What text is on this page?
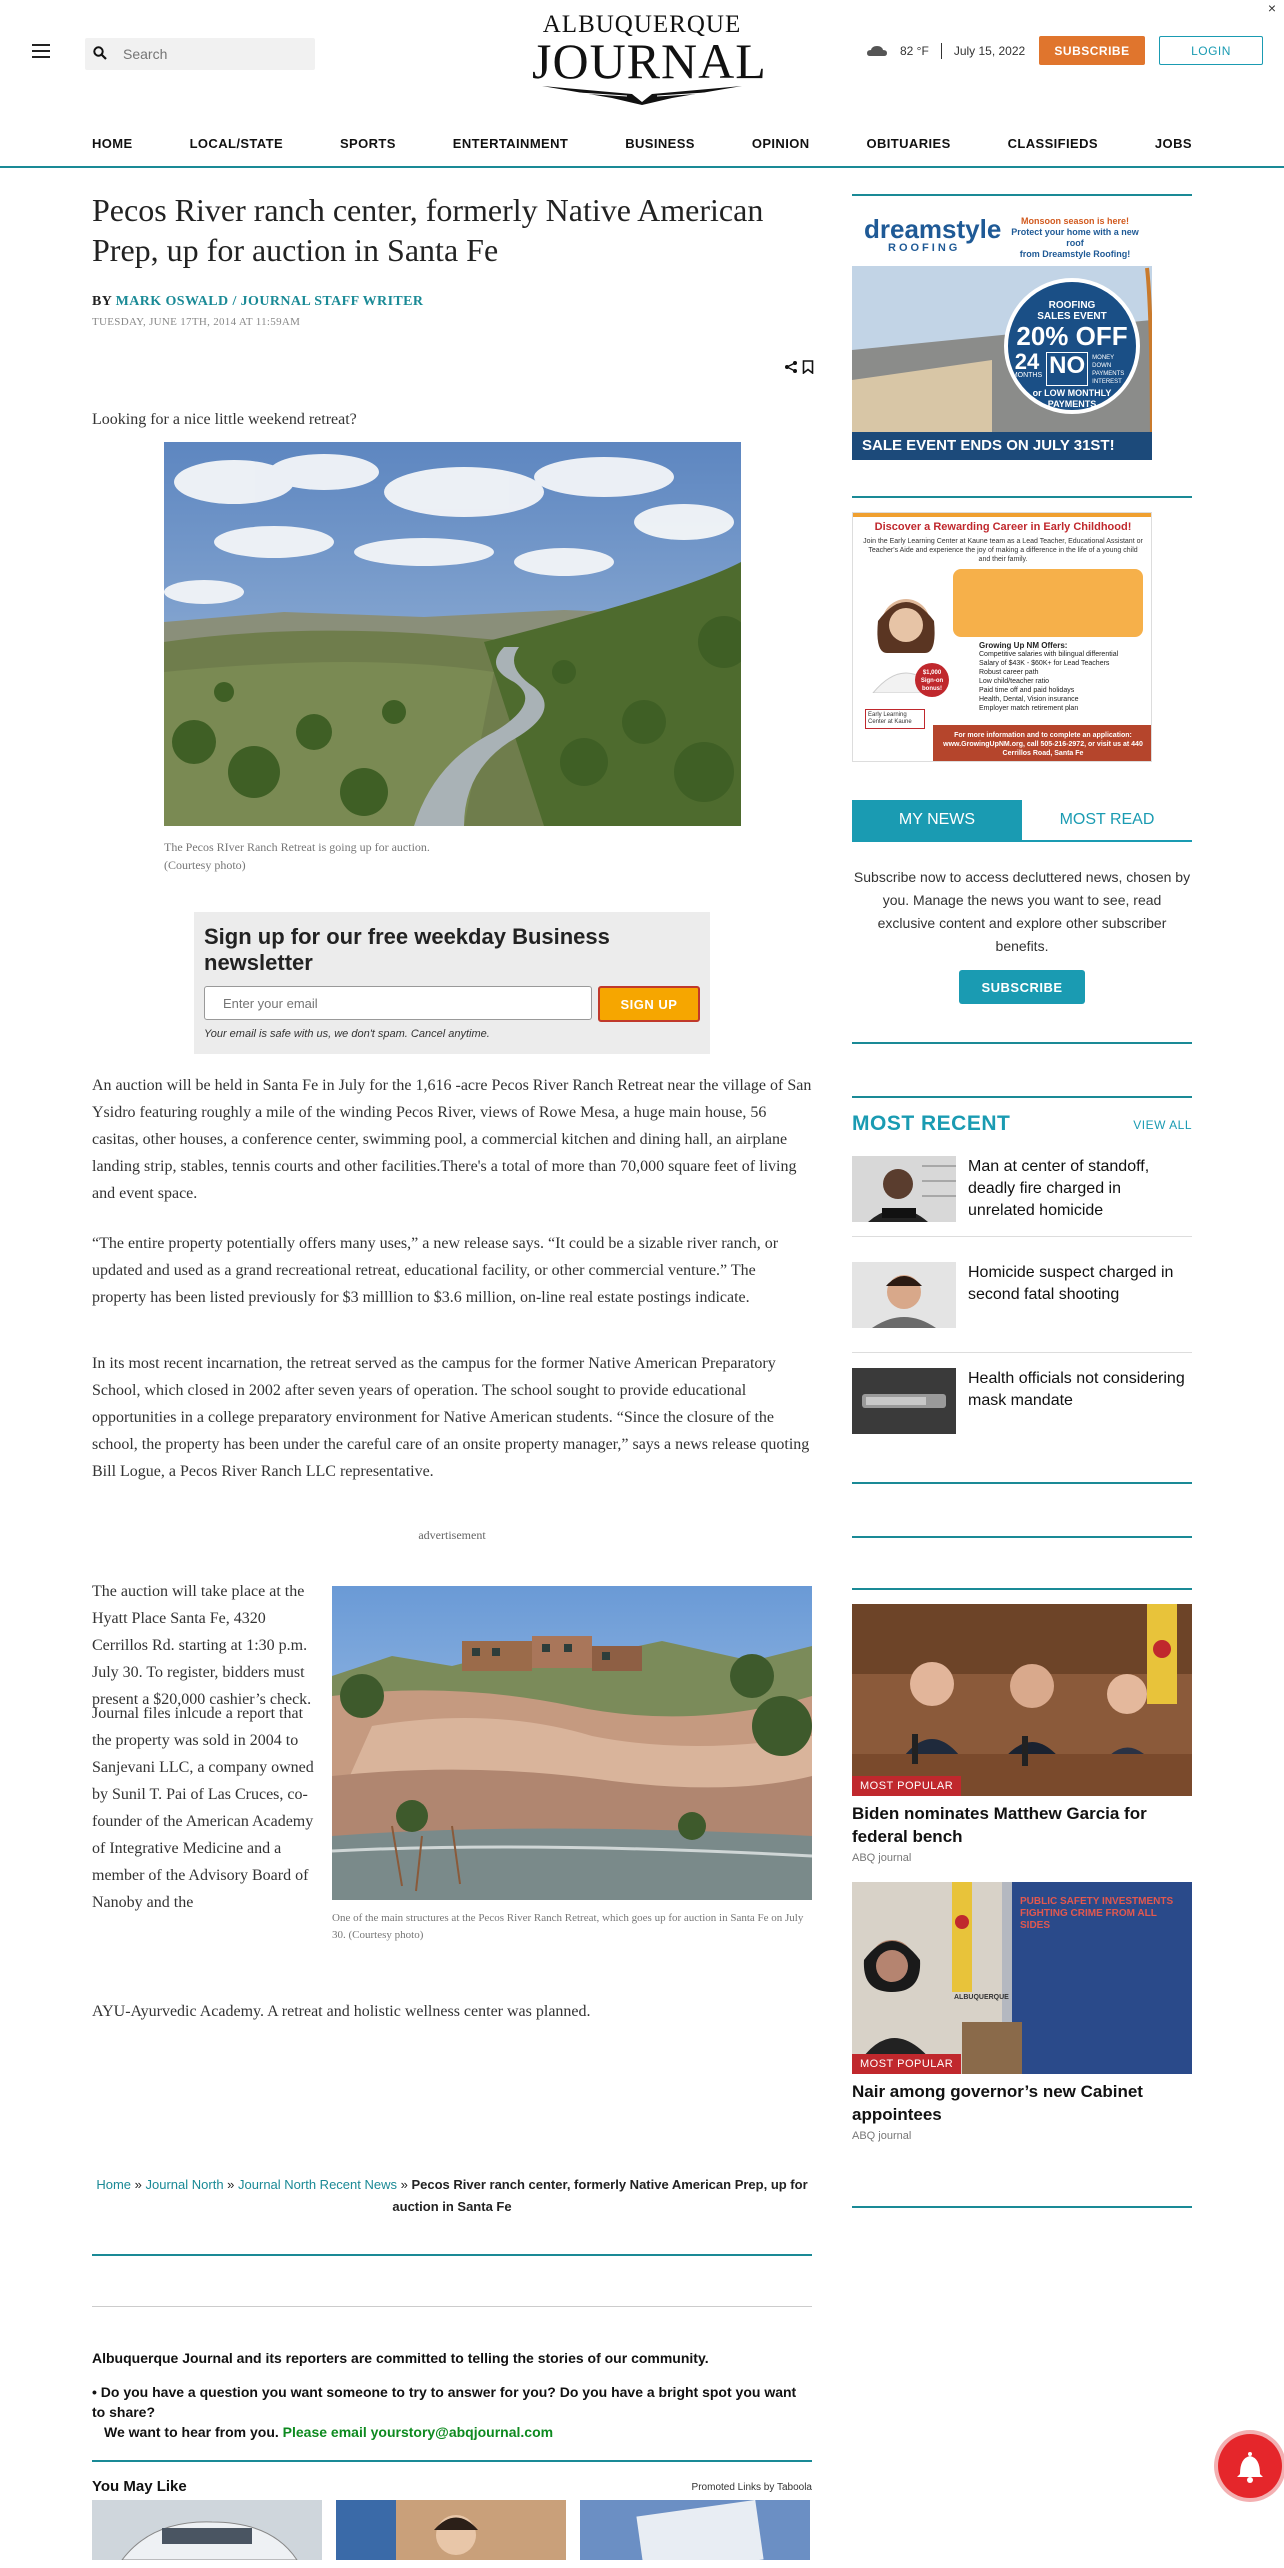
Search
ALBUQUERQUE
JOURNAL	82 °F July 15, 2022	SUBSCRIBE	LOGIN
×
HOME	LOCAL/STATE	SPORTS	ENTERTAINMENT	BUSINESS	OPINION	OBITUARIES	CLASSIFIEDS	JOBS
Pecos River ranch center, formerly Native American Prep, up for auction in Santa Fe
BY MARK OSWALD / JOURNAL STAFF WRITER
TUESDAY, JUNE 17TH, 2014 AT 11:59AM

Looking for a nice little weekend retreat?

The Pecos RIver Ranch Retreat is going up for auction.
(Courtesy photo)
Sign up for our free weekday Business newsletter
Enter your email
SIGN UP
Your email is safe with us, we don't spam. Cancel anytime.

An auction will be held in Santa Fe in July for the 1,616 -acre Pecos River Ranch Retreat near the village of San Ysidro featuring roughly a mile of the winding Pecos River, views of Rowe Mesa, a huge main house, 56 casitas, other houses, a conference center, swimming pool, a commercial kitchen and dining hall, an airplane landing strip, stables, tennis courts and other facilities.There's a total of more than 70,000 square feet of living and event space.

“The entire property potentially offers many uses,” a new release says. “It could be a sizable river ranch, or updated and used as a grand recreational retreat, educational facility, or other commercial venture.” The property has been listed previously for $3 milllion to $3.6 million, on-line real estate postings indicate.

In its most recent incarnation, the retreat served as the campus for the former Native American Preparatory School, which closed in 2002 after seven years of operation. The school sought to provide educational opportunities in a college preparatory environment for Native American students. “Since the closure of the school, the property has been under the careful care of an onsite property manager,” says a news release quoting Bill Logue, a Pecos River Ranch LLC representative.

advertisement

The auction will take place at the Hyatt Place Santa Fe, 4320 Cerrillos Rd. starting at 1:30 p.m. July 30. To register, bidders must present a $20,000 cashier’s check.

Journal files inlcude a report that the property was sold in 2004 to Sanjevani LLC, a company owned by Sunil T. Pai of Las Cruces, co-founder of the American Academy of Integrative Medicine and a member of the Advisory Board of Nanoby and the

AYU-Ayurvedic Academy. A retreat and holistic wellness center was planned.

One of the main structures at the Pecos River Ranch Retreat, which goes up for auction in Santa Fe on July 30. (Courtesy photo)
Home » Journal North » Journal North Recent News » Pecos River ranch center, formerly Native American Prep, up for auction in Santa Fe
Albuquerque Journal and its reporters are committed to telling the stories of our community.
• Do you have a question you want someone to try to answer for you? Do you have a bright spot you want to share?
We want to hear from you. Please email yourstory@abqjournal.com
You May Like	Promoted Links by Taboola
dreamstyle
ROOFING
Monsoon season is here!
Protect your home with a new roof
from Dreamstyle Roofing!
ROOFING SALES EVENT
20% OFF
24
MONTHS NO	MONEY DOWN PAYMENTS INTEREST
or LOW MONTHLY PAYMENTS
SALE EVENT ENDS ON JULY 31ST!
Discover a Rewarding Career in Early Childhood!
Join the Early Learning Center at Kaune team as a Lead Teacher, Educational Assistant or Teacher's Aide and experience the joy of making a difference in the life of a young child and their family.
$1,000 Sign-on bonus!
Growing Up NM Offers:
Competitive salaries with bilingual differential
Salary of $43K - $60K+ for Lead Teachers
Robust career path
Low child/teacher ratio
Paid time off and paid holidays
Health, Dental, Vision insurance
Employer match retirement plan
Early Learning Center at Kaune
For more information and to complete an application: www.GrowingUpNM.org, call 505-216-2972, or visit us at 440 Cerrillos Road, Santa Fe
MY NEWS	MOST READ
Subscribe now to access decluttered news, chosen by you. Manage the news you want to see, read exclusive content and explore other subscriber benefits.
SUBSCRIBE
MOST RECENT	VIEW ALL
Man at center of standoff, deadly fire charged in unrelated homicide
Homicide suspect charged in second fatal shooting
Health officials not considering mask mandate
MOST POPULAR
Biden nominates Matthew Garcia for federal bench
ABQ journal
PUBLIC SAFETY INVESTMENTS FIGHTING CRIME FROM ALL SIDES
ALBUQUERQUE
MOST POPULAR
Nair among governor’s new Cabinet appointees
ABQ journal
